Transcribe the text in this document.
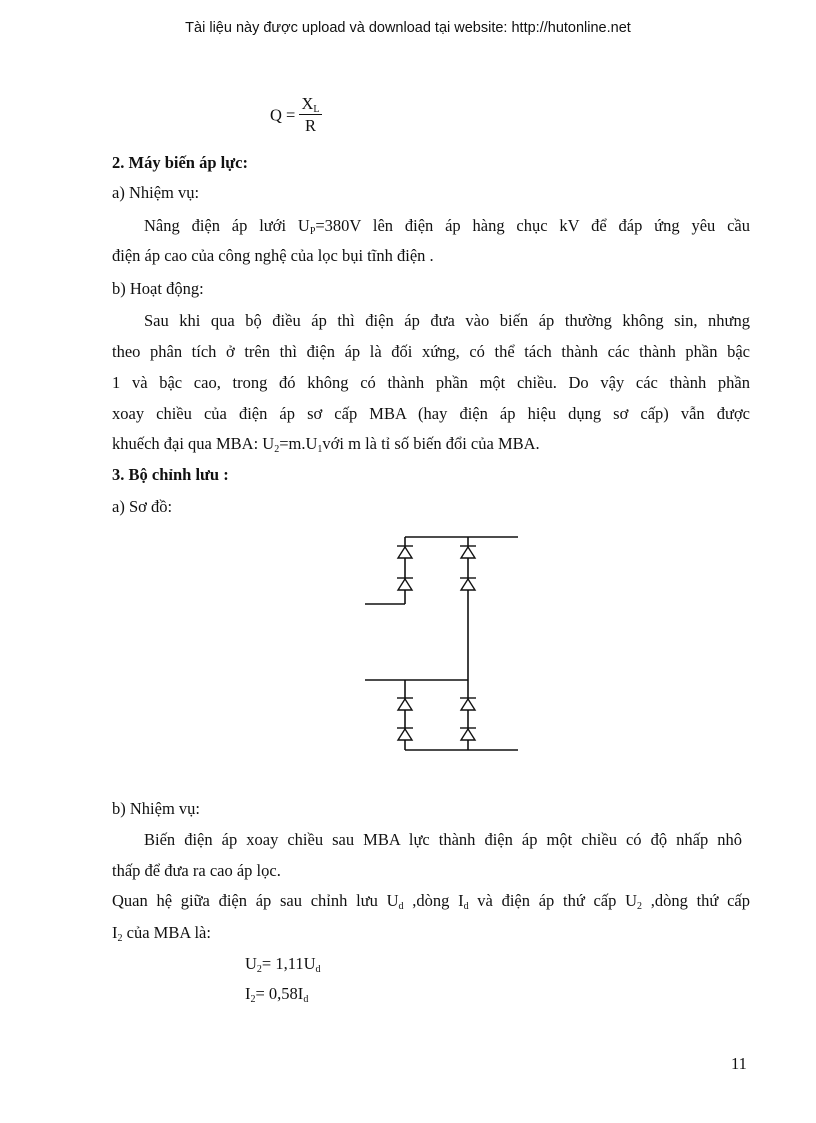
Tài liệu này được upload và download tại website: http://hutonline.net
$Q = \frac{X_L}{R}$
2. Máy biến áp lực:
a) Nhiệm vụ:
Nâng điện áp lưới $U_P=380V$ lên điện áp hàng chục kV để đáp ứng yêu cầu
điện áp cao của công nghệ của lọc bụi tĩnh điện .
b) Hoạt động:
Sau khi qua bộ điều áp thì điện áp đưa vào biến áp thường không sin, nhưng
theo phân tích ở trên thì điện áp là đối xứng, có thể tách thành các thành phần bậc
1 và bậc cao, trong đó không có thành phần một chiều. Do vậy các thành phần
xoay chiều của điện áp sơ cấp MBA (hay điện áp hiệu dụng sơ cấp) vẫn được
khuếch đại qua MBA: $U_2=m.U_1với$ m là tỉ số biến đổi của MBA.
3. Bộ chỉnh lưu :
a) Sơ đồ:
b) Nhiệm vụ:
Biến điện áp xoay chiều sau MBA lực thành điện áp một chiều có độ nhấp nhô
thấp để đưa ra cao áp lọc.
Quan hệ giữa điện áp sau chỉnh lưu $U_d$ ,dòng $I_d$ và điện áp thứ cấp $U_2$ ,dòng thứ cấp
$I_2$ của MBA là:
$U_2= 1,11U_d$
$I_2= 0,58I_d$
11
